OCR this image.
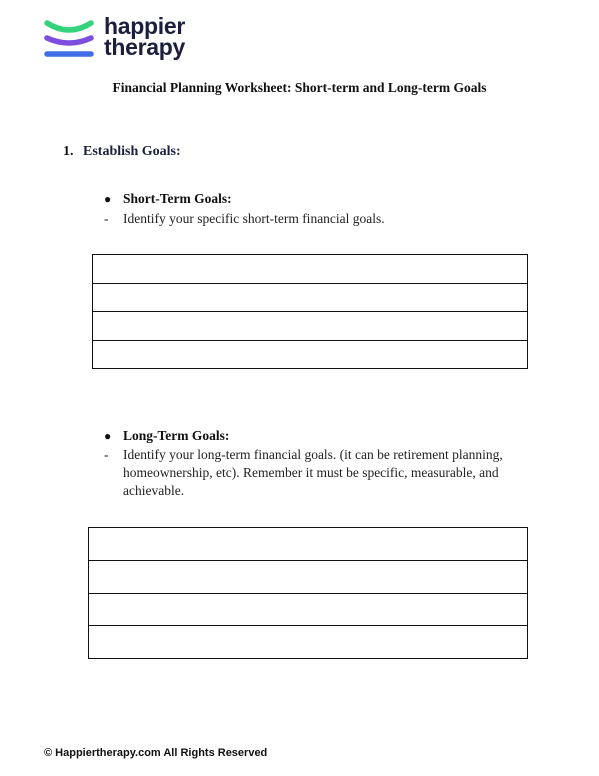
happier
therapy
Financial Planning Worksheet: Short-term and Long-term Goals
1. Establish Goals:
● Short-Term Goals:
- Identify your specific short-term financial goals.
● Long-Term Goals:
- Identify your long-term financial goals. (it can be retirement planning,
homeownership, etc). Remember it must be specific, measurable, and
achievable.
© Happiertherapy.com All Rights Reserved
